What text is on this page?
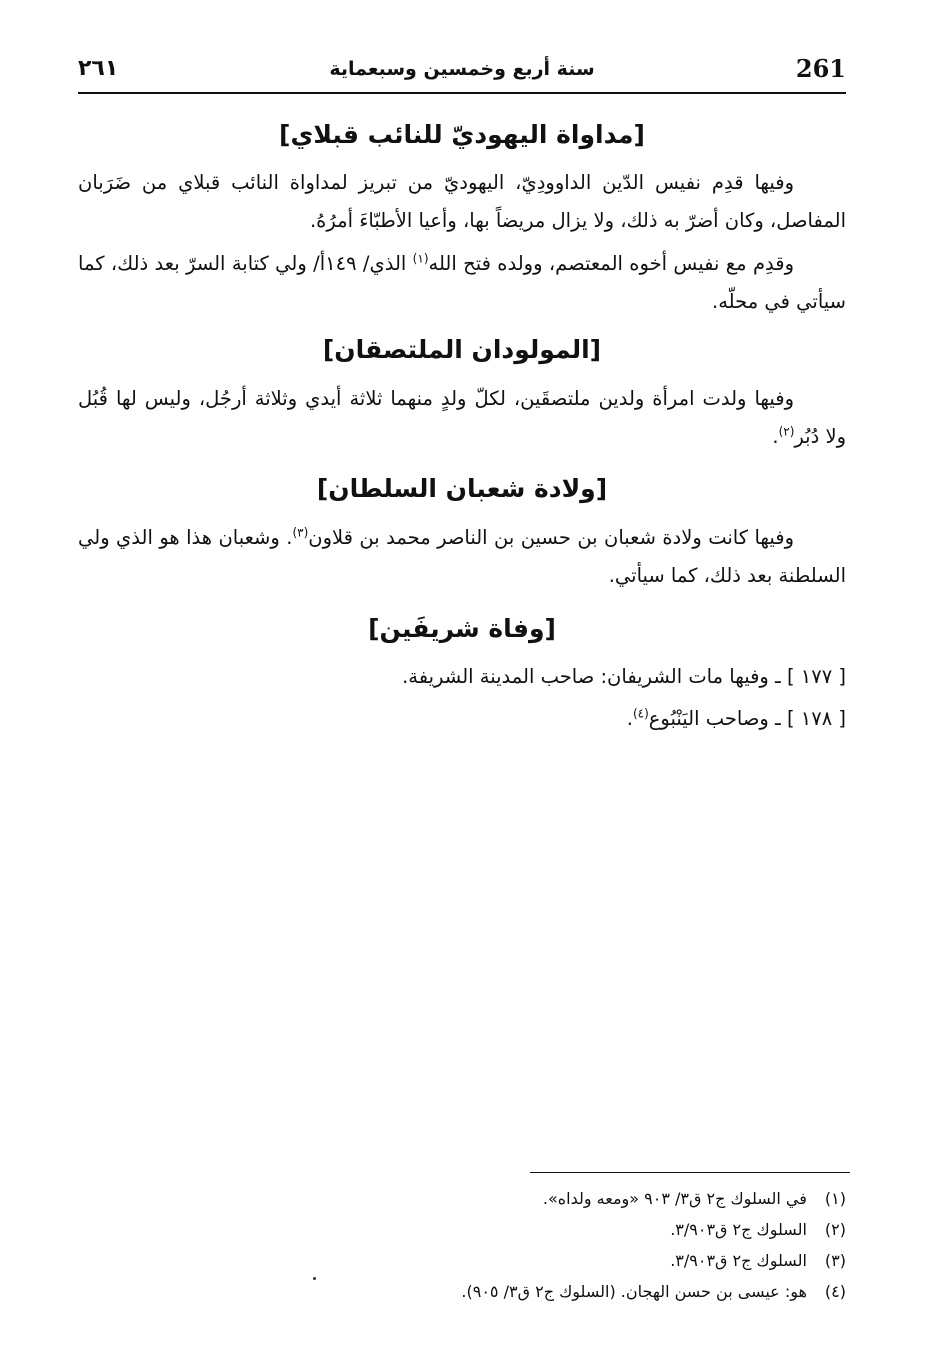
261
سنة أربع وخمسين وسبعماية
٢٦١
[مداواة اليهوديّ للنائب قبلاي]

وفيها قدِم نفيس الدّين الداوودِيّ، اليهوديّ من تبريز لمداواة النائب قبلاي من ضَرَبان المفاصل، وكان أضرّ به ذلك، ولا يزال مريضاً بها، وأعيا الأطبّاءَ أمرُهُ.

وقدِم مع نفيس أخوه المعتصم، وولده فتح الله$^{(١)}$ الذي/ ١٤٩أ/ ولي كتابة السرّ بعد ذلك، كما سيأتي في محلّه.

[المولودان الملتصقان]

وفيها ولدت امرأة ولدين ملتصقَين، لكلّ ولدٍ منهما ثلاثة أيدي وثلاثة أرجُل، وليس لها قُبُل ولا دُبُر$^{(٢)}$.

[ولادة شعبان السلطان]

وفيها كانت ولادة شعبان بن حسين بن الناصر محمد بن قلاون$^{(٣)}$. وشعبان هذا هو الذي ولي السلطنة بعد ذلك، كما سيأتي.

[وفاة شريفَين]
[ ١٧٧ ] ـ وفيها مات الشريفان: صاحب المدينة الشريفة.
[ ١٧٨ ] ـ وصاحب اليَنْبُوع$^{(٤)}$.
(١) في السلوك ج٢ ق٣/ ٩٠٣ «ومعه ولداه».
(٢) السلوك ج٢ ق٣/٩٠٣.
(٣) السلوك ج٢ ق٣/٩٠٣.
(٤) هو: عيسى بن حسن الهجان. (السلوك ج٢ ق٣/ ٩٠٥).
